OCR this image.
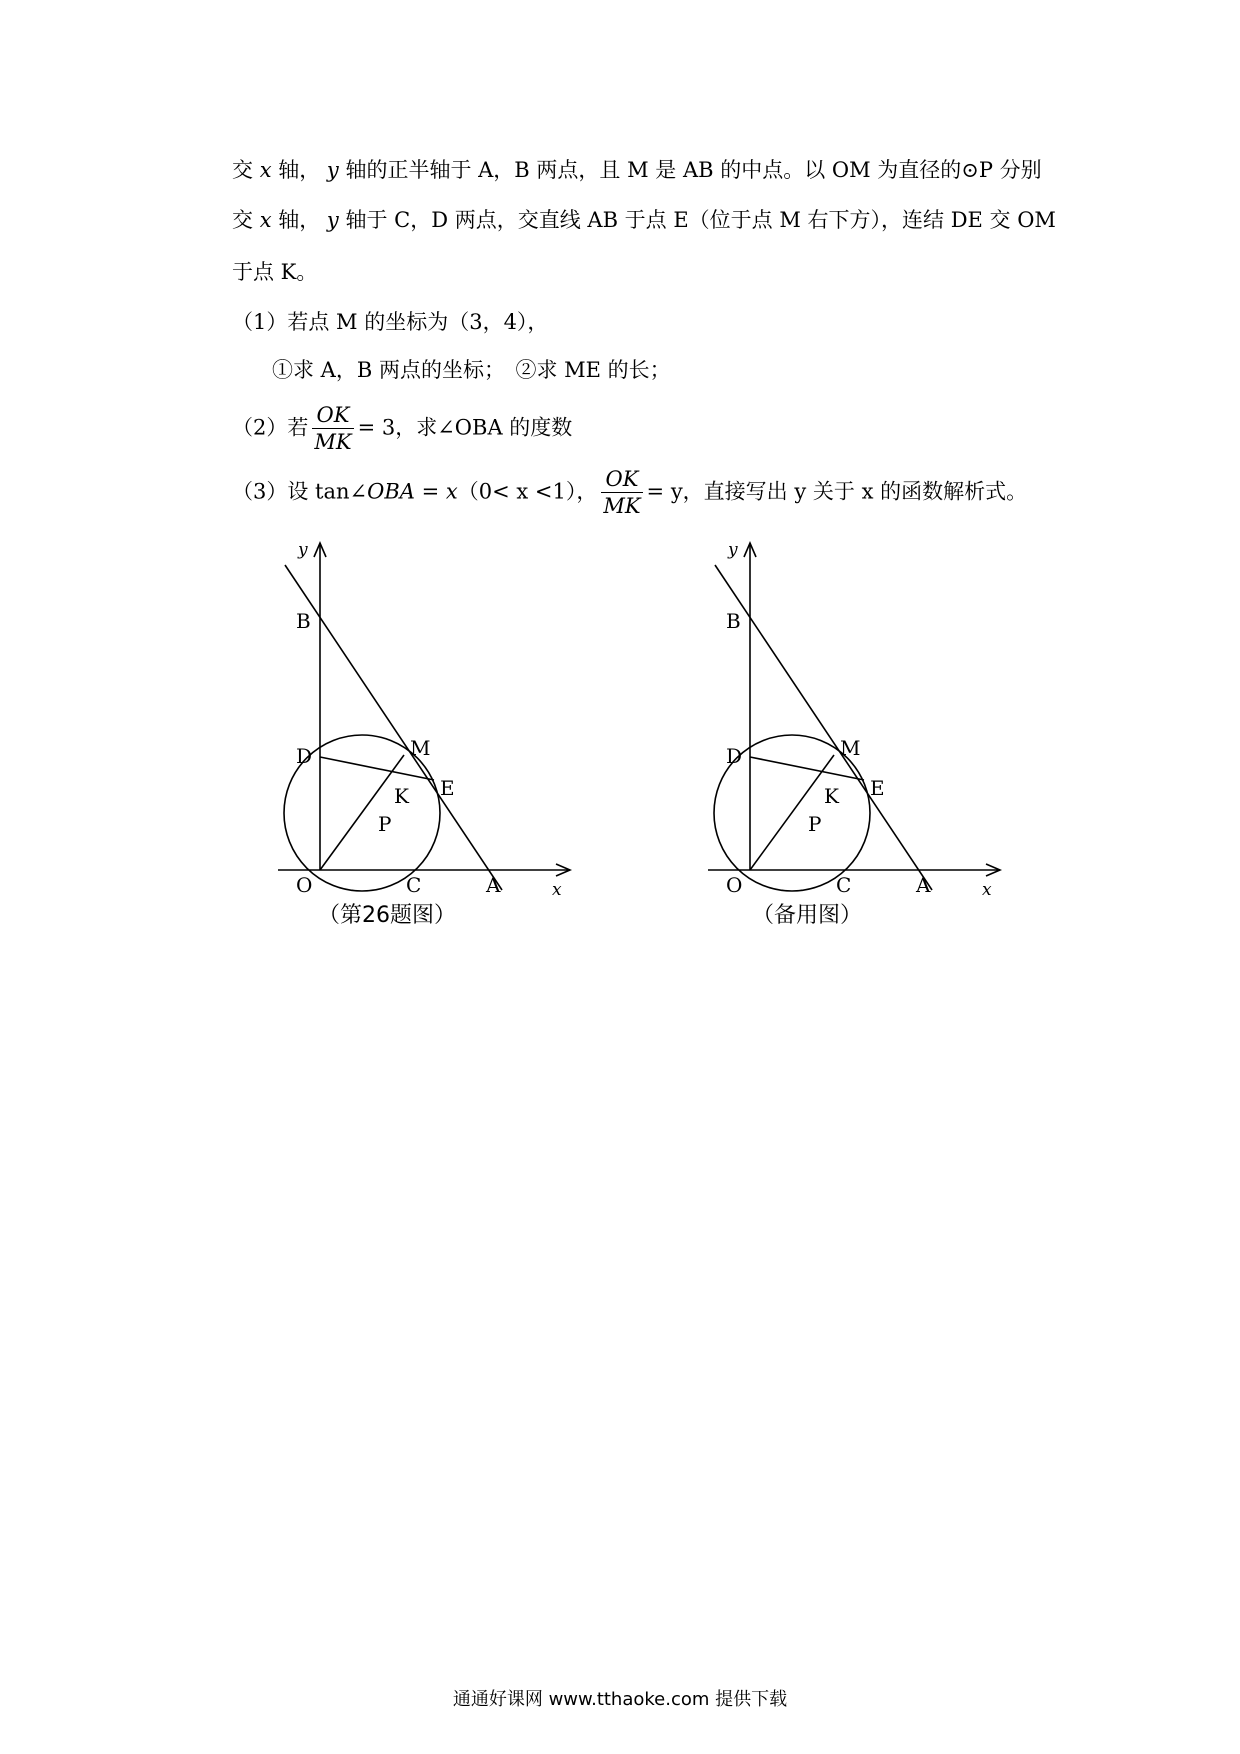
交 x 轴， y 轴的正半轴于 A，B 两点，且 M 是 AB 的中点。以 OM 为直径的⊙P 分别
交 x 轴， y 轴于 C，D 两点，交直线 AB 于点 E（位于点 M 右下方），连结 DE 交 OM
于点 K。
（1）若点 M 的坐标为（3，4），
①求 A，B 两点的坐标；　②求 ME 的长；
（2）若 $\frac{OK}{MK} = 3$，求∠OBA 的度数
（3）设 tan∠OBA = x（0< x <1）， $\frac{OK}{MK} = y$，直接写出 y 关于 x 的函数解析式。
y
x
B
D	M
E
K
P
O	C	A
（第26题图）
y
x
B
D	M
E
K
P
O	C	A
（备用图）
通通好课网 www.tthaoke.com 提供下载
